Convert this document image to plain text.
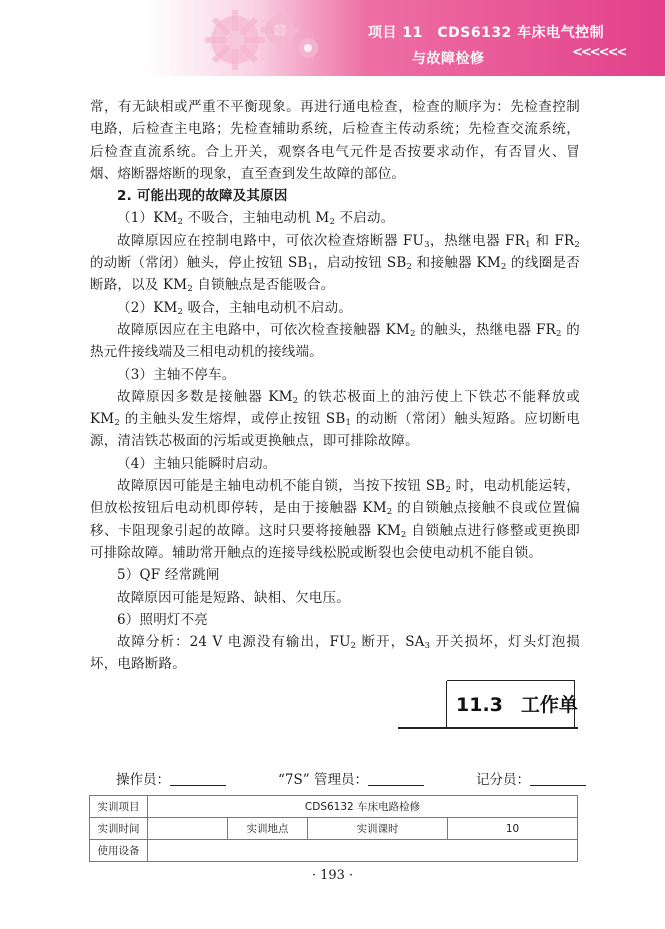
项目 11　CDS6132 车床电气控制
与故障检修	<<<<<<

常，有无缺相或严重不平衡现象。再进行通电检查，检查的顺序为：先检查控制电路，后检查主电路；先检查辅助系统，后检查主传动系统；先检查交流系统，后检查直流系统。合上开关，观察各电气元件是否按要求动作，有否冒火、冒烟、熔断器熔断的现象，直至查到发生故障的部位。

2. 可能出现的故障及其原因

$(1)KM_2$ 不吸合，主轴电动机 $M_2$ 不启动。

故障原因应在控制电路中，可依次检查熔断器 $FU_3$，热继电器 $FR_1$ 和 $FR_2$ 的动断（常闭）触头，停止按钮 $SB_1$，启动按钮 $SB_2$ 和接触器 $KM_2$ 的线圈是否断路，以及 $KM_2$ 自锁触点是否能吸合。

$(2)KM_2$ 吸合，主轴电动机不启动。

故障原因应在主电路中，可依次检查接触器 $KM_2$ 的触头，热继电器 $FR_2$ 的热元件接线端及三相电动机的接线端。

（3）主轴不停车。

故障原因多数是接触器 $KM_2$ 的铁芯极面上的油污使上下铁芯不能释放或$KM_2$ 的主触头发生熔焊，或停止按钮 $SB_1$ 的动断（常闭）触头短路。应切断电源，清洁铁芯极面的污垢或更换触点，即可排除故障。

（4）主轴只能瞬时启动。

故障原因可能是主轴电动机不能自锁，当按下按钮 $SB_2$ 时，电动机能运转，但放松按钮后电动机即停转，是由于接触器 $KM_2$ 的自锁触点接触不良或位置偏移、卡阻现象引起的故障。这时只要将接触器 $KM_2$ 自锁触点进行修整或更换即可排除故障。辅助常开触点的连接导线松脱或断裂也会使电动机不能自锁。

5）QF 经常跳闸

故障原因可能是短路、缺相、欠电压。

6）照明灯不亮

故障分析：24 V 电源没有输出，$FU_2$ 断开，$SA_3$ 开关损坏，灯头灯泡损坏，电路断路。

11.3 工作单
操作员：	“7S” 管理员：	记分员：
实训项目	CDS6132 车床电路检修			
实训时间		实训地点	实训课时	10
使用设备				
· 193 ·
